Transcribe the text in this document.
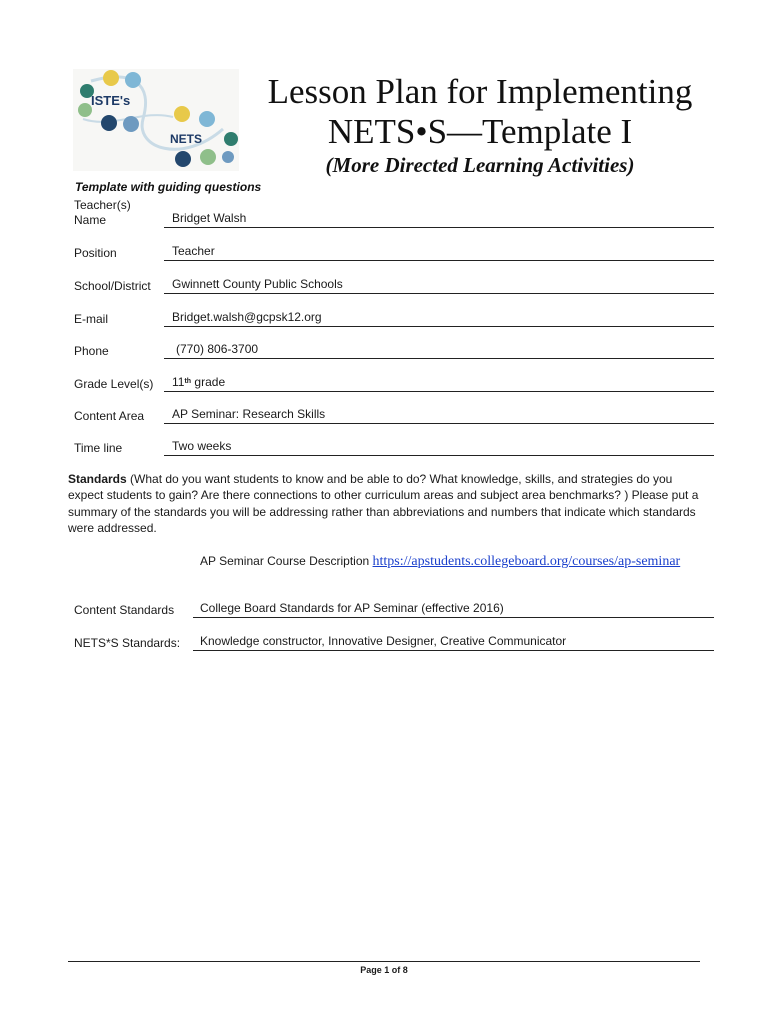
ISTE's
NETS
Lesson Plan for Implementing
NETS•S—Template I
(More Directed Learning Activities)
Template with guiding questions
Teacher(s)
Name	Bridget Walsh
Position	Teacher
School/District	Gwinnett County Public Schools
E-mail	Bridget.walsh@gcpsk12.org
Phone	(770) 806-3700
Grade Level(s)	11th grade
Content Area	AP Seminar: Research Skills
Time line	Two weeks
Standards (What do you want students to know and be able to do? What knowledge, skills, and strategies do you expect students to gain? Are there connections to other curriculum areas and subject area benchmarks? ) Please put a summary of the standards you will be addressing rather than abbreviations and numbers that indicate which standards were addressed.
AP Seminar Course Description https://apstudents.collegeboard.org/courses/ap-seminar
Content Standards	College Board Standards for AP Seminar (effective 2016)
NETS*S Standards:	Knowledge constructor, Innovative Designer, Creative Communicator
Page 1 of 8
